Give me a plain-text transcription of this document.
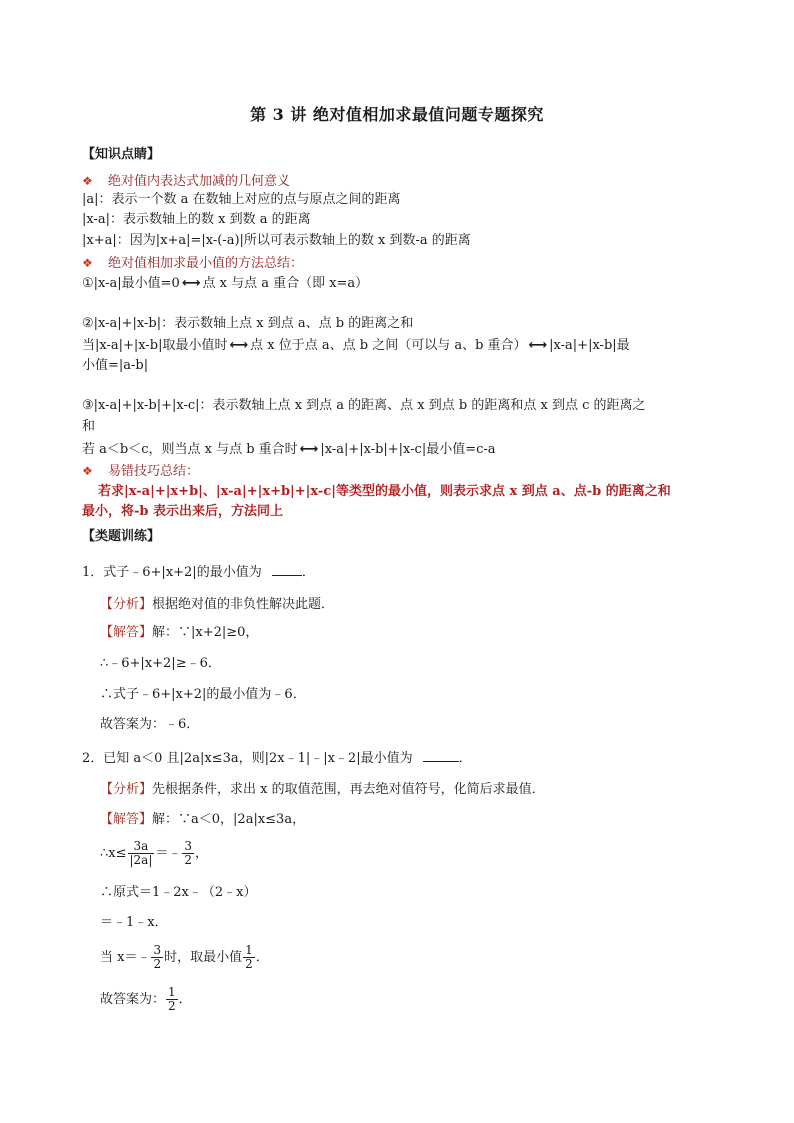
第 3 讲 绝对值相加求最值问题专题探究
【知识点睛】
❖ 绝对值内表达式加减的几何意义
|a|：表示一个数 a 在数轴上对应的点与原点之间的距离
|x-a|：表示数轴上的数 x 到数 a 的距离
|x+a|：因为|x+a|=|x-(-a)|所以可表示数轴上的数 x 到数-a 的距离
❖ 绝对值相加求最小值的方法总结：
①|x-a|最小值=0 ⟷ 点 x 与点 a 重合（即 x=a）
②|x-a|+|x-b|：表示数轴上点 x 到点 a、点 b 的距离之和
当|x-a|+|x-b|取最小值时 ⟷ 点 x 位于点 a、点 b 之间（可以与 a、b 重合） ⟷ |x-a|+|x-b|最
小值=|a-b|
③|x-a|+|x-b|+|x-c|：表示数轴上点 x 到点 a 的距离、点 x 到点 b 的距离和点 x 到点 c 的距离之
和
若 a＜b＜c，则当点 x 与点 b 重合时 ⟷ |x-a|+|x-b|+|x-c|最小值=c-a
❖ 易错技巧总结：
若求|x-a|+|x+b|、|x-a|+|x+b|+|x-c|等类型的最小值，则表示求点 x 到点 a、点-b 的距离之和
最小，将-b 表示出来后，方法同上
【类题训练】
1．式子﹣6+|x+2|的最小值为	．
【分析】根据绝对值的非负性解决此题．
【解答】解：∵|x+2|≥0，
∴﹣6+|x+2|≥﹣6．
∴式子﹣6+|x+2|的最小值为﹣6．
故答案为：﹣6．
2．已知 a＜0 且|2a|x≤3a，则|2x﹣1|﹣|x﹣2|最小值为	．
【分析】先根据条件，求出 x 的取值范围，再去绝对值符号，化简后求最值．
【解答】解：∵a＜0，|2a|x≤3a，
∴x≤ $\frac{3a}{|2a|}$ ＝﹣ $\frac{3}{2}$ ，
∴原式＝1﹣2x﹣（2﹣x）
＝﹣1﹣x．
当 x＝﹣ $\frac{3}{2}$ 时，取最小值 $\frac{1}{2}$ ．
故答案为： $\frac{1}{2}$ ．
